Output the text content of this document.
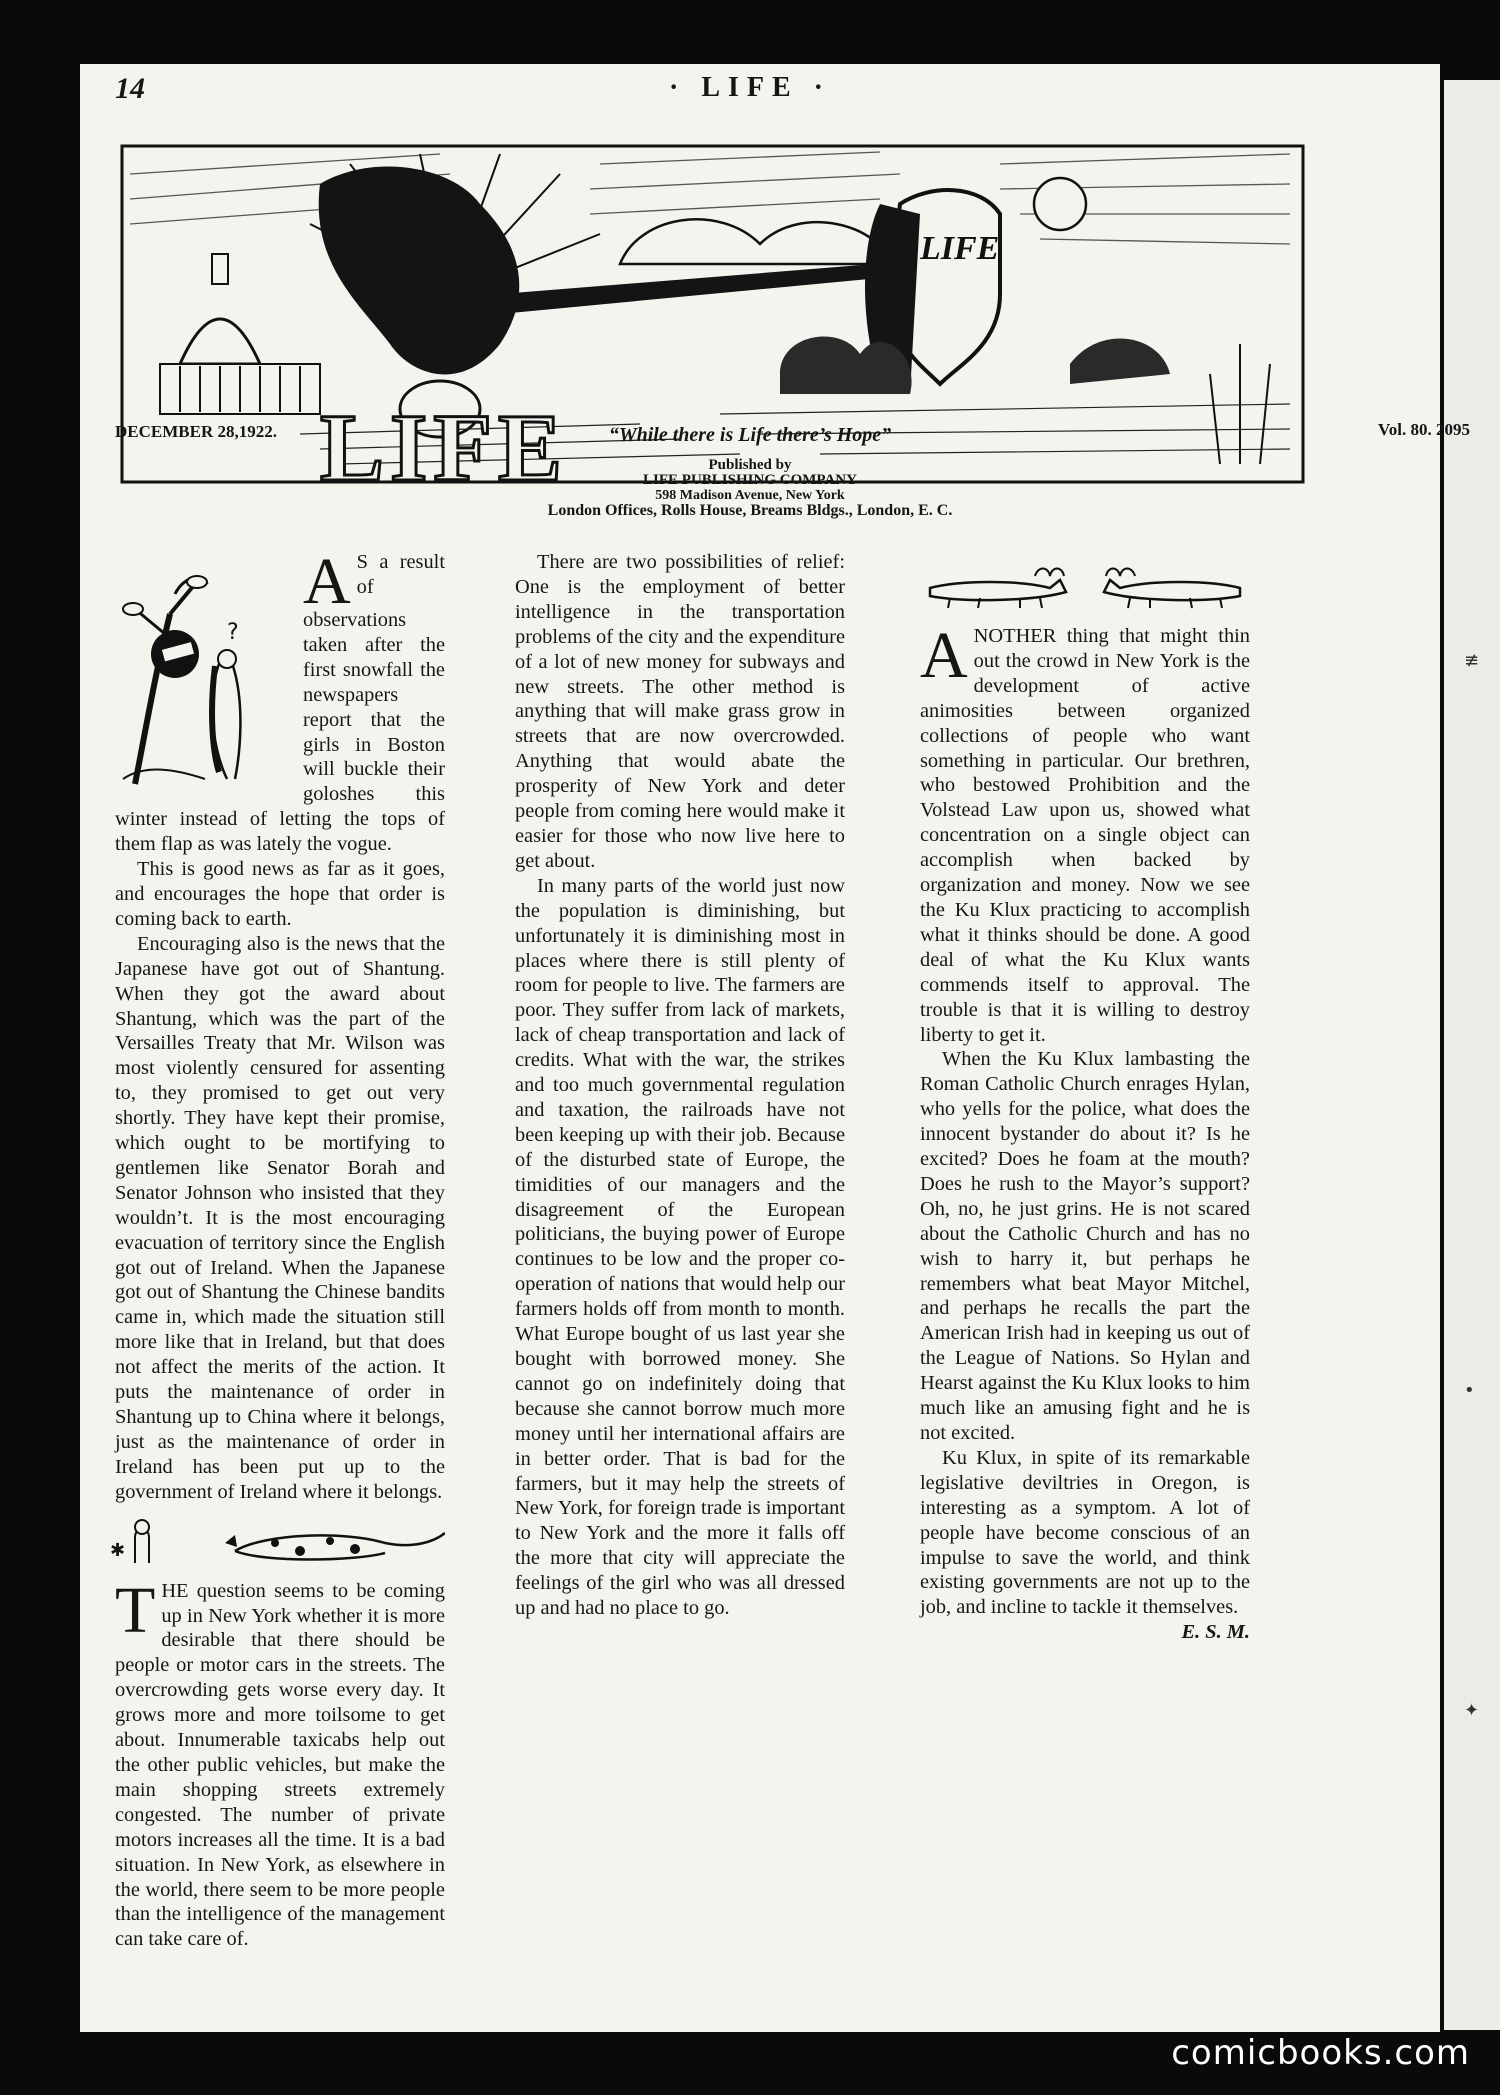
≢
•
✦
14	· LIFE ·
LIFE
LIFE
DECEMBER 28,1922.	“While there is Life there’s Hope”	Vol. 80. 2095
Published by
LIFE PUBLISHING COMPANY
598 Madison Avenue, New York
London Offices, Rolls House, Breams Bldgs., London, E. C.
?

A S a result of observations taken after the first snowfall the newspapers report that the girls in Boston will buckle their goloshes this winter instead of letting the tops of them flap as was lately the vogue.

This is good news as far as it goes, and encourages the hope that order is coming back to earth.

Encouraging also is the news that the Japanese have got out of Shantung. When they got the award about Shantung, which was the part of the Versailles Treaty that Mr. Wilson was most violently censured for assenting to, they promised to get out very shortly. They have kept their promise, which ought to be mortifying to gentlemen like Senator Borah and Senator Johnson who insisted that they wouldn’t. It is the most encouraging evacuation of territory since the English got out of Ireland. When the Japanese got out of Shantung the Chinese bandits came in, which made the situation still more like that in Ireland, but that does not affect the merits of the action. It puts the maintenance of order in Shantung up to China where it belongs, just as the maintenance of order in Ireland has been put up to the government of Ireland where it belongs.

THE question seems to be coming up in New York whether it is more desirable that there should be people or motor cars in the streets. The overcrowding gets worse every day. It grows more and more toilsome to get about. Innumerable taxicabs help out the other public vehicles, but make the main shopping streets extremely congested. The number of private motors increases all the time. It is a bad situation. In New York, as elsewhere in the world, there seem to be more people than the intelligence of the management can take care of.

There are two possibilities of relief: One is the employment of better intelligence in the transportation problems of the city and the expenditure of a lot of new money for subways and new streets. The other method is anything that will make grass grow in streets that are now overcrowded. Anything that would abate the prosperity of New York and deter people from coming here would make it easier for those who now live here to get about.

In many parts of the world just now the population is diminishing, but unfortunately it is diminishing most in places where there is still plenty of room for people to live. The farmers are poor. They suffer from lack of markets, lack of cheap transportation and lack of credits. What with the war, the strikes and too much governmental regulation and taxation, the railroads have not been keeping up with their job. Because of the disturbed state of Europe, the timidities of our managers and the disagreement of the European politicians, the buying power of Europe continues to be low and the proper co-operation of nations that would help our farmers holds off from month to month. What Europe bought of us last year she bought with borrowed money. She cannot go on indefinitely doing that because she cannot borrow much more money until her international affairs are in better order. That is bad for the farmers, but it may help the streets of New York, for foreign trade is important to New York and the more it falls off the more that city will appreciate the feelings of the girl who was all dressed up and had no place to go.

ANOTHER thing that might thin out the crowd in New York is the development of active animosities between organized collections of people who want something in particular. Our brethren, who bestowed Prohibition and the Volstead Law upon us, showed what concentration on a single object can accomplish when backed by organization and money. Now we see the Ku Klux practicing to accomplish what it thinks should be done. A good deal of what the Ku Klux wants commends itself to approval. The trouble is that it is willing to destroy liberty to get it.

When the Ku Klux lambasting the Roman Catholic Church enrages Hylan, who yells for the police, what does the innocent bystander do about it? Is he excited? Does he foam at the mouth? Does he rush to the Mayor’s support? Oh, no, he just grins. He is not scared about the Catholic Church and has no wish to harry it, but perhaps he remembers what beat Mayor Mitchel, and perhaps he recalls the part the American Irish had in keeping us out of the League of Nations. So Hylan and Hearst against the Ku Klux looks to him much like an amusing fight and he is not excited.

Ku Klux, in spite of its remarkable legislative deviltries in Oregon, is interesting as a symptom. A lot of people have become conscious of an impulse to save the world, and think existing governments are not up to the job, and incline to tackle it themselves.
E. S. M.

✱
comicbooks.com
